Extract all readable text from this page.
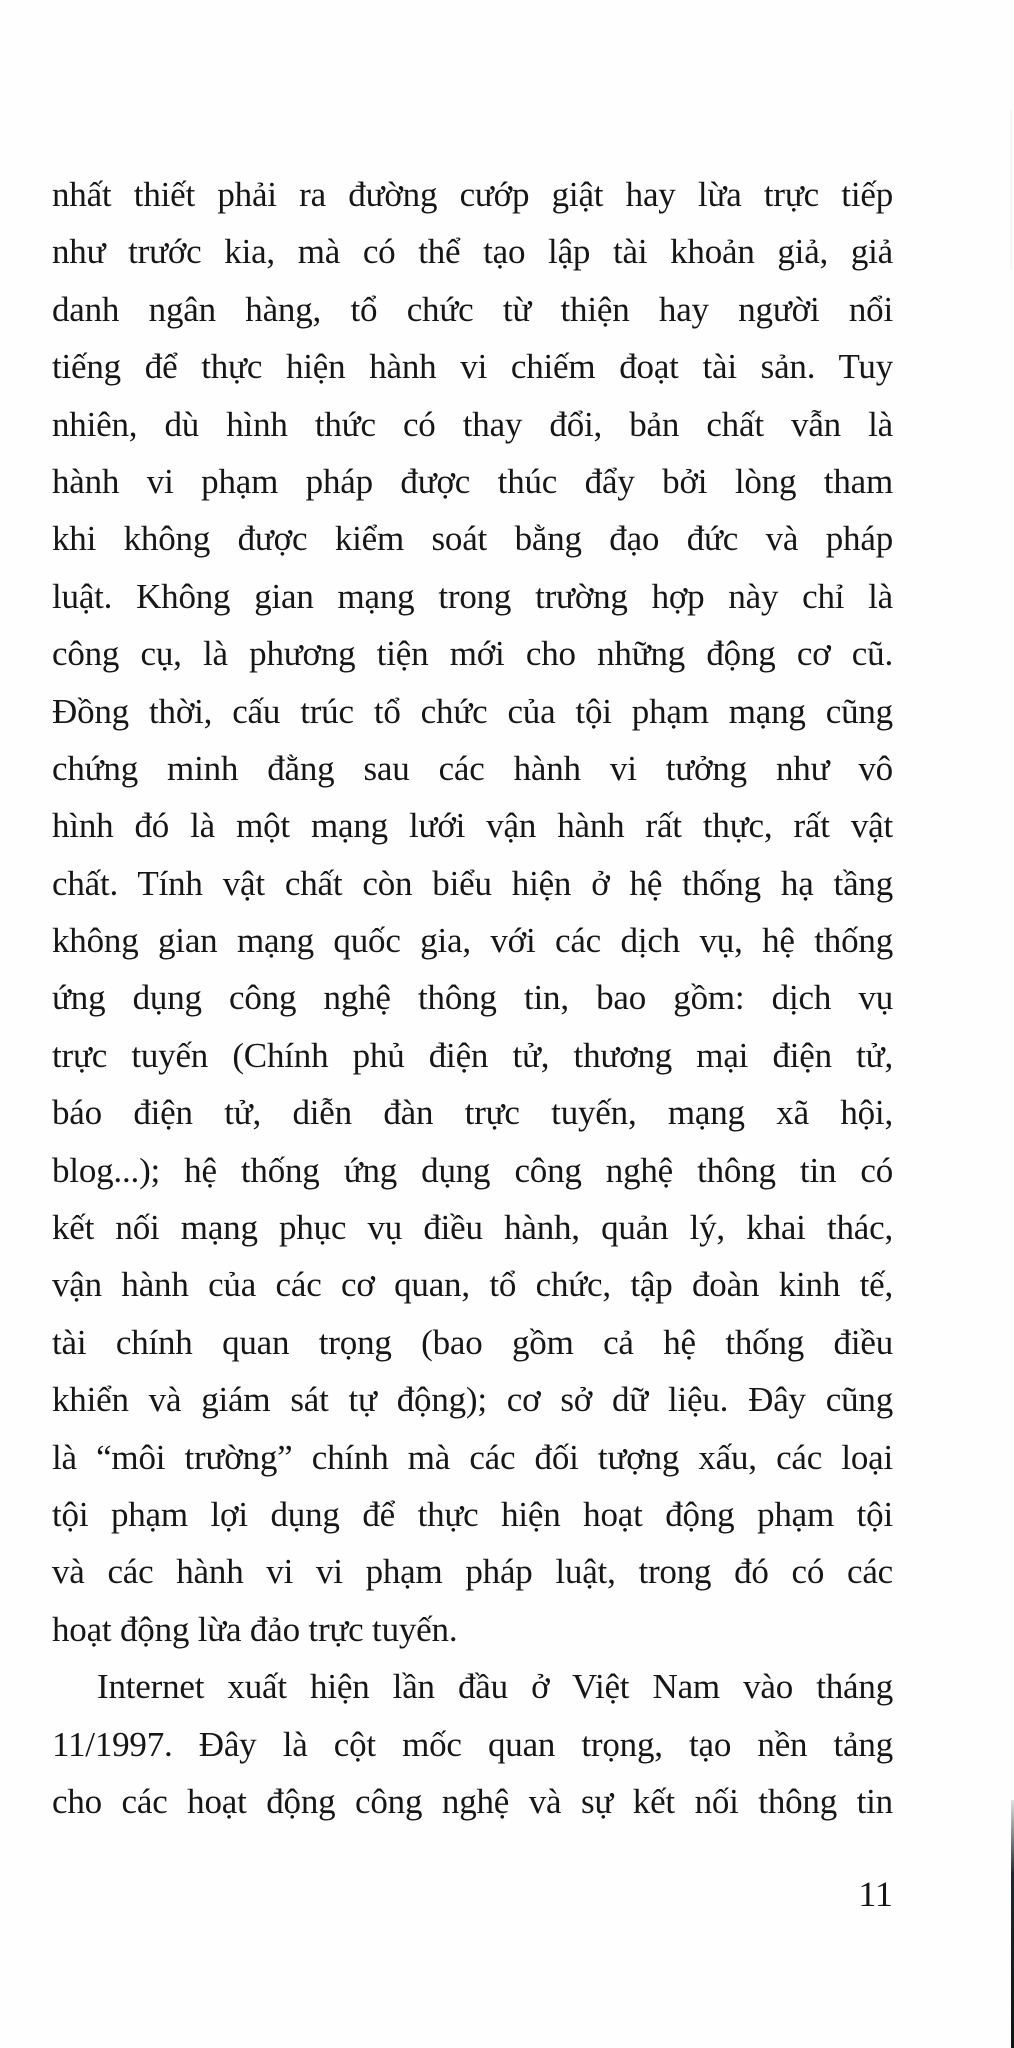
nhất thiết phải ra đường cướp giật hay lừa trực tiếp
như trước kia, mà có thể tạo lập tài khoản giả, giả
danh ngân hàng, tổ chức từ thiện hay người nổi
tiếng để thực hiện hành vi chiếm đoạt tài sản. Tuy
nhiên, dù hình thức có thay đổi, bản chất vẫn là
hành vi phạm pháp được thúc đẩy bởi lòng tham
khi không được kiểm soát bằng đạo đức và pháp
luật. Không gian mạng trong trường hợp này chỉ là
công cụ, là phương tiện mới cho những động cơ cũ.
Đồng thời, cấu trúc tổ chức của tội phạm mạng cũng
chứng minh đằng sau các hành vi tưởng như vô
hình đó là một mạng lưới vận hành rất thực, rất vật
chất. Tính vật chất còn biểu hiện ở hệ thống hạ tầng
không gian mạng quốc gia, với các dịch vụ, hệ thống
ứng dụng công nghệ thông tin, bao gồm: dịch vụ
trực tuyến (Chính phủ điện tử, thương mại điện tử,
báo điện tử, diễn đàn trực tuyến, mạng xã hội,
blog...); hệ thống ứng dụng công nghệ thông tin có
kết nối mạng phục vụ điều hành, quản lý, khai thác,
vận hành của các cơ quan, tổ chức, tập đoàn kinh tế,
tài chính quan trọng (bao gồm cả hệ thống điều
khiển và giám sát tự động); cơ sở dữ liệu. Đây cũng
là “môi trường” chính mà các đối tượng xấu, các loại
tội phạm lợi dụng để thực hiện hoạt động phạm tội
và các hành vi vi phạm pháp luật, trong đó có các
hoạt động lừa đảo trực tuyến.
Internet xuất hiện lần đầu ở Việt Nam vào tháng
11/1997. Đây là cột mốc quan trọng, tạo nền tảng
cho các hoạt động công nghệ và sự kết nối thông tin
11
